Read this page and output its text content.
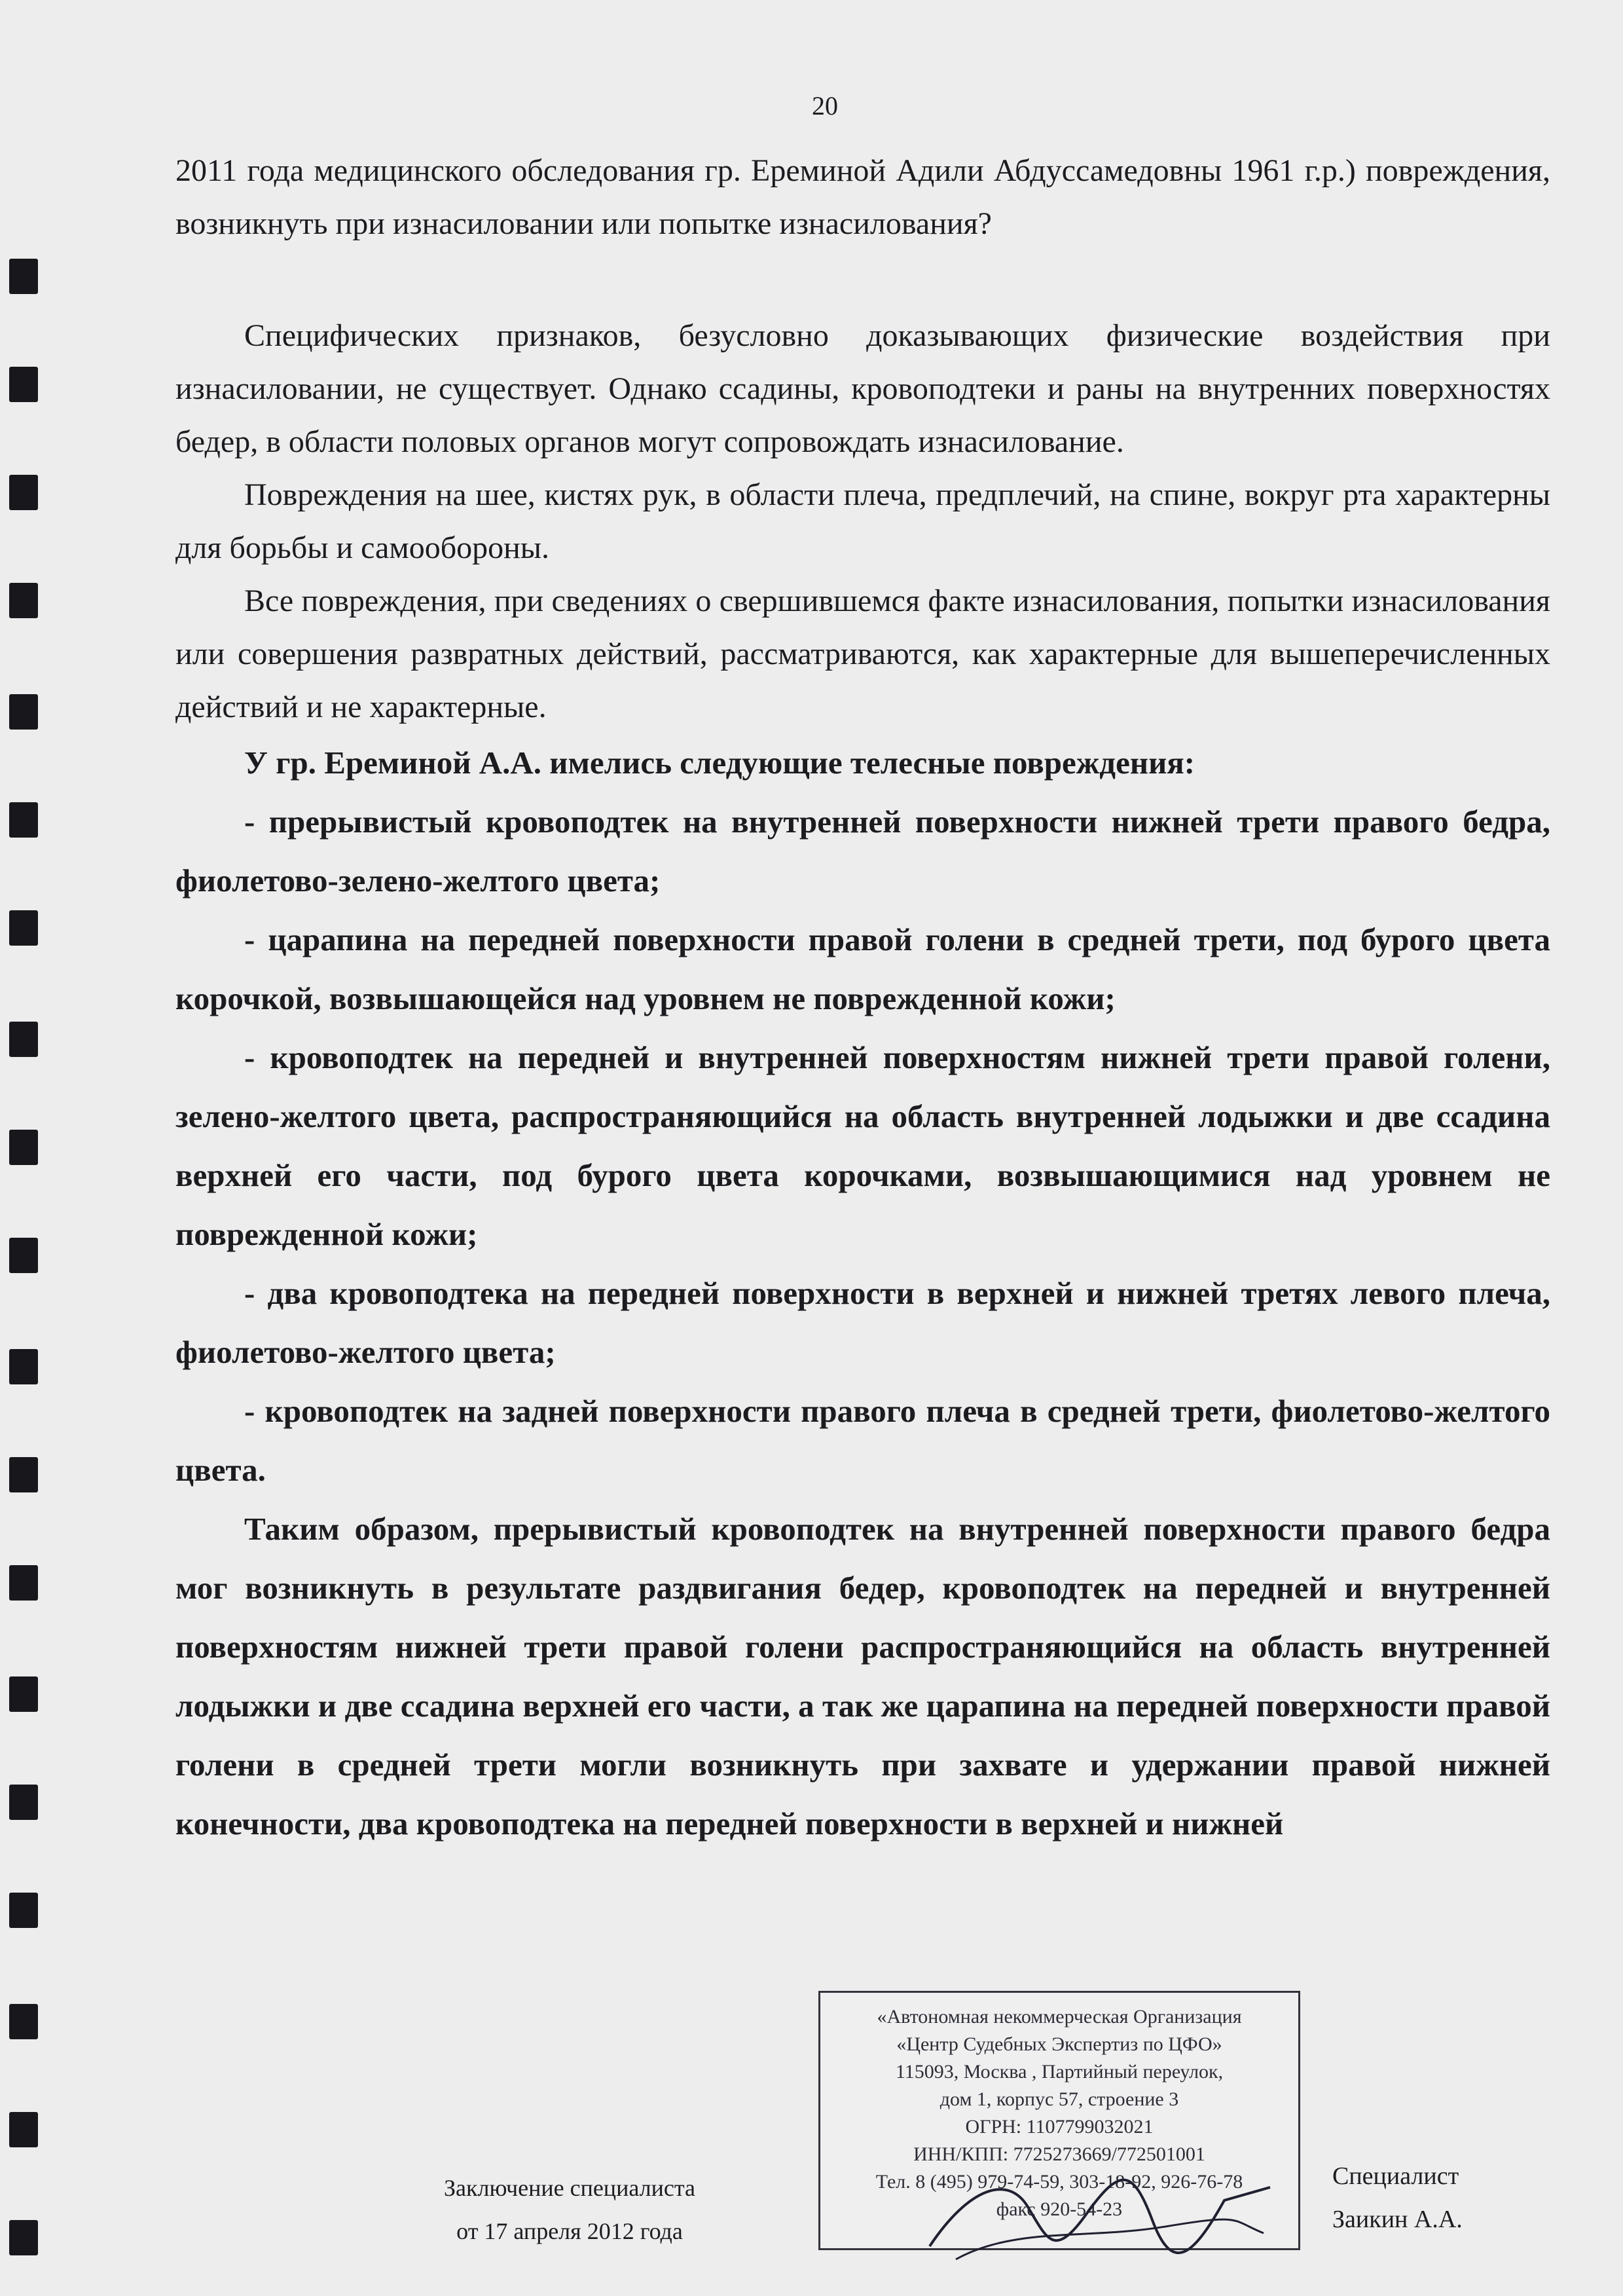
20

2011 года медицинского обследования гр. Ереминой Адили Абдуссамедовны 1961 г.р.) повреждения, возникнуть при изнасиловании или попытке изнасилования?

Специфических признаков, безусловно доказывающих физические воздействия при изнасиловании, не существует. Однако ссадины, кровоподтеки и раны на внутренних поверхностях бедер, в области половых органов могут сопровождать изнасилование.

Повреждения на шее, кистях рук, в области плеча, предплечий, на спине, вокруг рта характерны для борьбы и самообороны.

Все повреждения, при сведениях о свершившемся факте изнасилования, попытки изнасилования или совершения развратных действий, рассматриваются, как характерные для вышеперечисленных действий и не характерные.

У гр. Ереминой А.А. имелись следующие телесные повреждения:

- прерывистый кровоподтек на внутренней поверхности нижней трети правого бедра, фиолетово-зелено-желтого цвета;

- царапина на передней поверхности правой голени в средней трети, под бурого цвета корочкой, возвышающейся над уровнем не поврежденной кожи;

- кровоподтек на передней и внутренней поверхностям нижней трети правой голени, зелено-желтого цвета, распространяющийся на область внутренней лодыжки и две ссадина верхней его части, под бурого цвета корочками, возвышающимися над уровнем не поврежденной кожи;

- два кровоподтека на передней поверхности в верхней и нижней третях левого плеча, фиолетово-желтого цвета;

- кровоподтек на задней поверхности правого плеча в средней трети, фиолетово-желтого цвета.

Таким образом, прерывистый кровоподтек на внутренней поверхности правого бедра мог возникнуть в результате раздвигания бедер, кровоподтек на передней и внутренней поверхностям нижней трети правой голени распространяющийся на область внутренней лодыжки и две ссадина верхней его части, а так же царапина на передней поверхности правой голени в средней трети могли возникнуть при захвате и удержании правой нижней конечности, два кровоподтека на передней поверхности в верхней и нижней

Заключение специалиста
от 17 апреля 2012 года
«Автономная некоммерческая Организация
«Центр Судебных Экспертиз по ЦФО»
115093, Москва , Партийный переулок,
дом 1, корпус 57, строение 3
ОГРН: 1107799032021
ИНН/КПП: 7725273669/772501001
Тел. 8 (495) 979-74-59, 303-18-92, 926-76-78
факс 920-54-23
Специалист
Заикин А.А.
